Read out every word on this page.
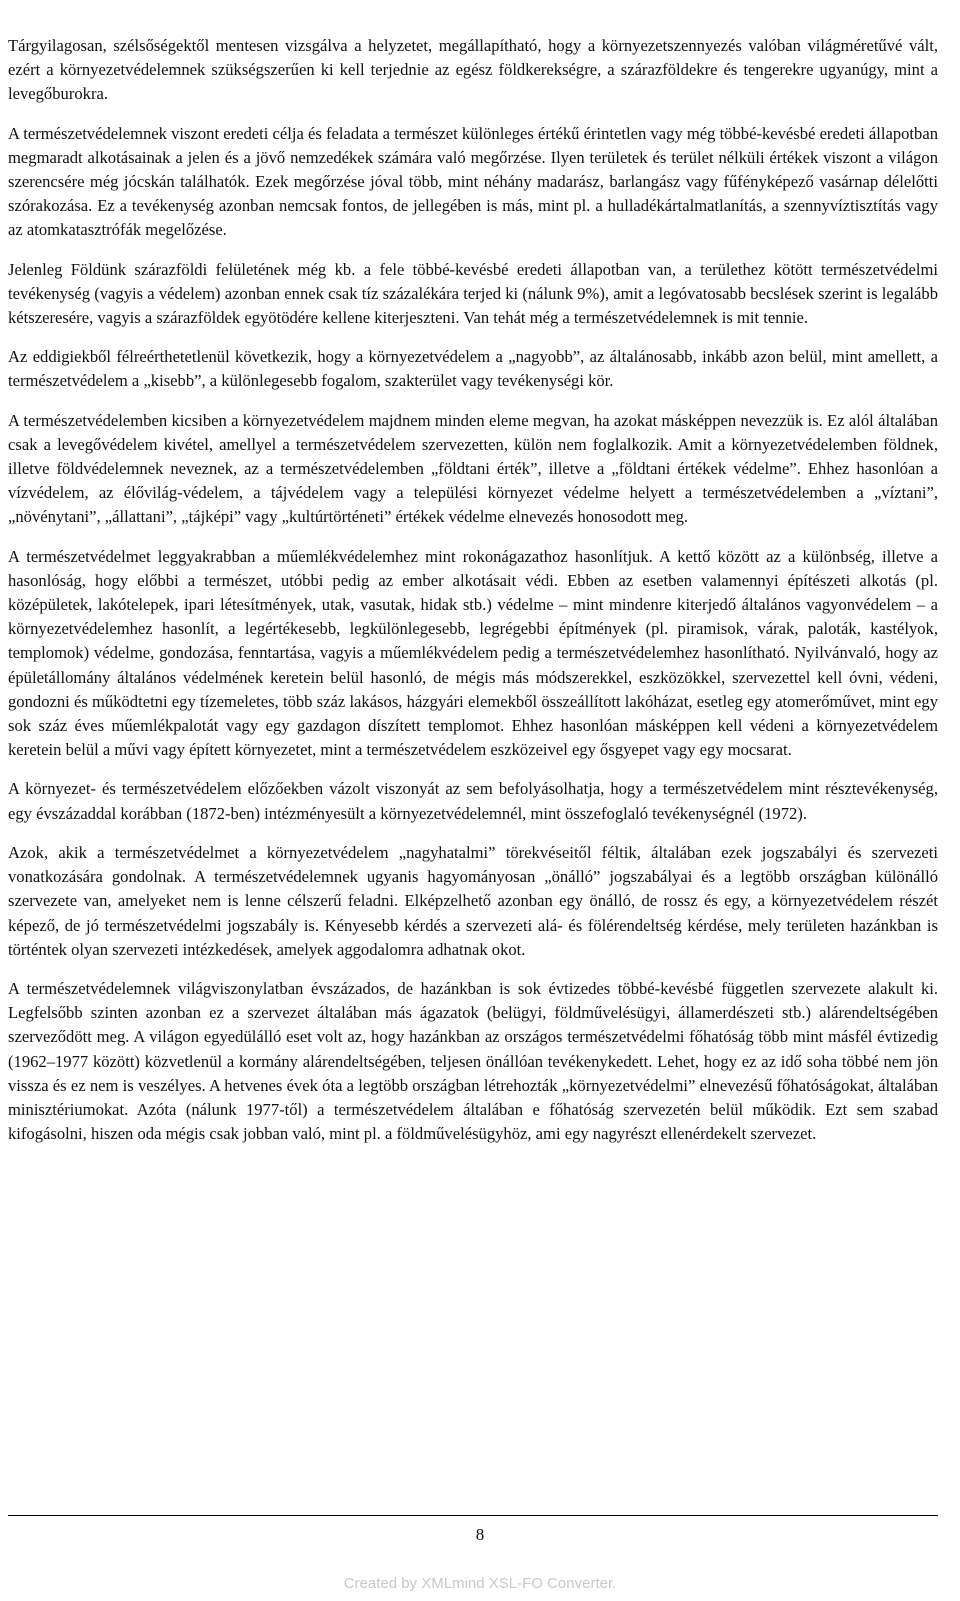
Tárgyilagosan, szélsőségektől mentesen vizsgálva a helyzetet, megállapítható, hogy a környezetszennyezés valóban világméretűvé vált, ezért a környezetvédelemnek szükségszerűen ki kell terjednie az egész földkerekségre, a szárazföldekre és tengerekre ugyanúgy, mint a levegőburokra.

A természetvédelemnek viszont eredeti célja és feladata a természet különleges értékű érintetlen vagy még többé-kevésbé eredeti állapotban megmaradt alkotásainak a jelen és a jövő nemzedékek számára való megőrzése. Ilyen területek és terület nélküli értékek viszont a világon szerencsére még jócskán találhatók. Ezek megőrzése jóval több, mint néhány madarász, barlangász vagy fűfényképező vasárnap délelőtti szórakozása. Ez a tevékenység azonban nemcsak fontos, de jellegében is más, mint pl. a hulladékártalmatlanítás, a szennyvíztisztítás vagy az atomkatasztrófák megelőzése.

Jelenleg Földünk szárazföldi felületének még kb. a fele többé-kevésbé eredeti állapotban van, a területhez kötött természetvédelmi tevékenység (vagyis a védelem) azonban ennek csak tíz százalékára terjed ki (nálunk 9%), amit a legóvatosabb becslések szerint is legalább kétszeresére, vagyis a szárazföldek egyötödére kellene kiterjeszteni. Van tehát még a természetvédelemnek is mit tennie.

Az eddigiekből félreérthetetlenül következik, hogy a környezetvédelem a „nagyobb”, az általánosabb, inkább azon belül, mint amellett, a természetvédelem a „kisebb”, a különlegesebb fogalom, szakterület vagy tevékenységi kör.

A természetvédelemben kicsiben a környezetvédelem majdnem minden eleme megvan, ha azokat másképpen nevezzük is. Ez alól általában csak a levegővédelem kivétel, amellyel a természetvédelem szervezetten, külön nem foglalkozik. Amit a környezetvédelemben földnek, illetve földvédelemnek neveznek, az a természetvédelemben „földtani érték”, illetve a „földtani értékek védelme”. Ehhez hasonlóan a vízvédelem, az élővilág-védelem, a tájvédelem vagy a települési környezet védelme helyett a természetvédelemben a „víztani”, „növénytani”, „állattani”, „tájképi” vagy „kultúrtörténeti” értékek védelme elnevezés honosodott meg.

A természetvédelmet leggyakrabban a műemlékvédelemhez mint rokonágazathoz hasonlítjuk. A kettő között az a különbség, illetve a hasonlóság, hogy előbbi a természet, utóbbi pedig az ember alkotásait védi. Ebben az esetben valamennyi építészeti alkotás (pl. középületek, lakótelepek, ipari létesítmények, utak, vasutak, hidak stb.) védelme – mint mindenre kiterjedő általános vagyonvédelem – a környezetvédelemhez hasonlít, a legértékesebb, legkülönlegesebb, legrégebbi építmények (pl. piramisok, várak, paloták, kastélyok, templomok) védelme, gondozása, fenntartása, vagyis a műemlékvédelem pedig a természetvédelemhez hasonlítható. Nyilvánvaló, hogy az épületállomány általános védelmének keretein belül hasonló, de mégis más módszerekkel, eszközökkel, szervezettel kell óvni, védeni, gondozni és működtetni egy tízemeletes, több száz lakásos, házgyári elemekből összeállított lakóházat, esetleg egy atomerőművet, mint egy sok száz éves műemlékpalotát vagy egy gazdagon díszített templomot. Ehhez hasonlóan másképpen kell védeni a környezetvédelem keretein belül a művi vagy épített környezetet, mint a természetvédelem eszközeivel egy ősgyepet vagy egy mocsarat.

A környezet- és természetvédelem előzőekben vázolt viszonyát az sem befolyásolhatja, hogy a természetvédelem mint résztevékenység, egy évszázaddal korábban (1872-ben) intézményesült a környezetvédelemnél, mint összefoglaló tevékenységnél (1972).

Azok, akik a természetvédelmet a környezetvédelem „nagyhatalmi” törekvéseitől féltik, általában ezek jogszabályi és szervezeti vonatkozására gondolnak. A természetvédelemnek ugyanis hagyományosan „önálló” jogszabályai és a legtöbb országban különálló szervezete van, amelyeket nem is lenne célszerű feladni. Elképzelhető azonban egy önálló, de rossz és egy, a környezetvédelem részét képező, de jó természetvédelmi jogszabály is. Kényesebb kérdés a szervezeti alá- és fölérendeltség kérdése, mely területen hazánkban is történtek olyan szervezeti intézkedések, amelyek aggodalomra adhatnak okot.

A természetvédelemnek világviszonylatban évszázados, de hazánkban is sok évtizedes többé-kevésbé független szervezete alakult ki. Legfelsőbb szinten azonban ez a szervezet általában más ágazatok (belügyi, földművelésügyi, államerdészeti stb.) alárendeltségében szerveződött meg. A világon egyedülálló eset volt az, hogy hazánkban az országos természetvédelmi főhatóság több mint másfél évtizedig (1962–1977 között) közvetlenül a kormány alárendeltségében, teljesen önállóan tevékenykedett. Lehet, hogy ez az idő soha többé nem jön vissza és ez nem is veszélyes. A hetvenes évek óta a legtöbb országban létrehozták „környezetvédelmi” elnevezésű főhatóságokat, általában minisztériumokat. Azóta (nálunk 1977-től) a természetvédelem általában e főhatóság szervezetén belül működik. Ezt sem szabad kifogásolni, hiszen oda mégis csak jobban való, mint pl. a földművelésügyhöz, ami egy nagyrészt ellenérdekelt szervezet.

8
Created by XMLmind XSL-FO Converter.
